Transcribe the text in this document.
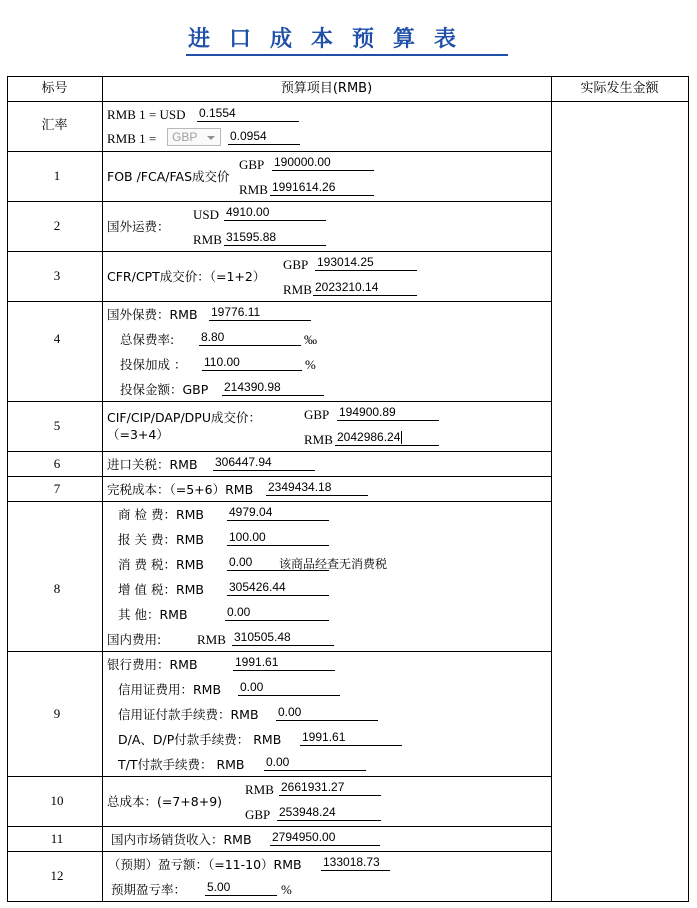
进口成本预算表
标号	预算项目(RMB)	实际发生金额
汇率
RMB 1 = USD 0.1554
RMB 1 =	GBP	0.0954
1	FOB /FCA/FAS成交价
GBP 190000.00
RMB 1991614.26
2	国外运费：
USD 4910.00
RMB 31595.88
3	CFR/CPT成交价：（=1+2）
GBP 193014.25
RMB 2023210.14
4
国外保费：RMB 19776.11
总保费率: 8.80	‰
投保加成 ： 110.00	%
投保金额：GBP 214390.98
5
CIF/CIP/DAP/DPU成交价：
（=3+4）
GBP 194900.89
RMB 2042986.24
6	进口关税：RMB 306447.94
7	完税成本：（=5+6）RMB 2349434.18
8
商 检 费：RMB 4979.04
报 关 费：RMB 100.00
消 费 税：RMB 0.00	该商品经查无消费税
增 值 税：RMB 305426.44
其 他：RMB	0.00
国内费用:	RMB 310505.48
9
银行费用：RMB	1991.61
信用证费用：RMB 0.00
信用证付款手续费：RMB 0.00
D/A、D/P付款手续费： RMB 1991.61
T/T付款手续费： RMB 0.00
10	总成本：(=7+8+9)
RMB 2661931.27
GBP 253948.24
11	国内市场销货收入：RMB 2794950.00
12
（预期）盈亏额：（=11-10）RMB 133018.73
预期盈亏率： 5.00	%
